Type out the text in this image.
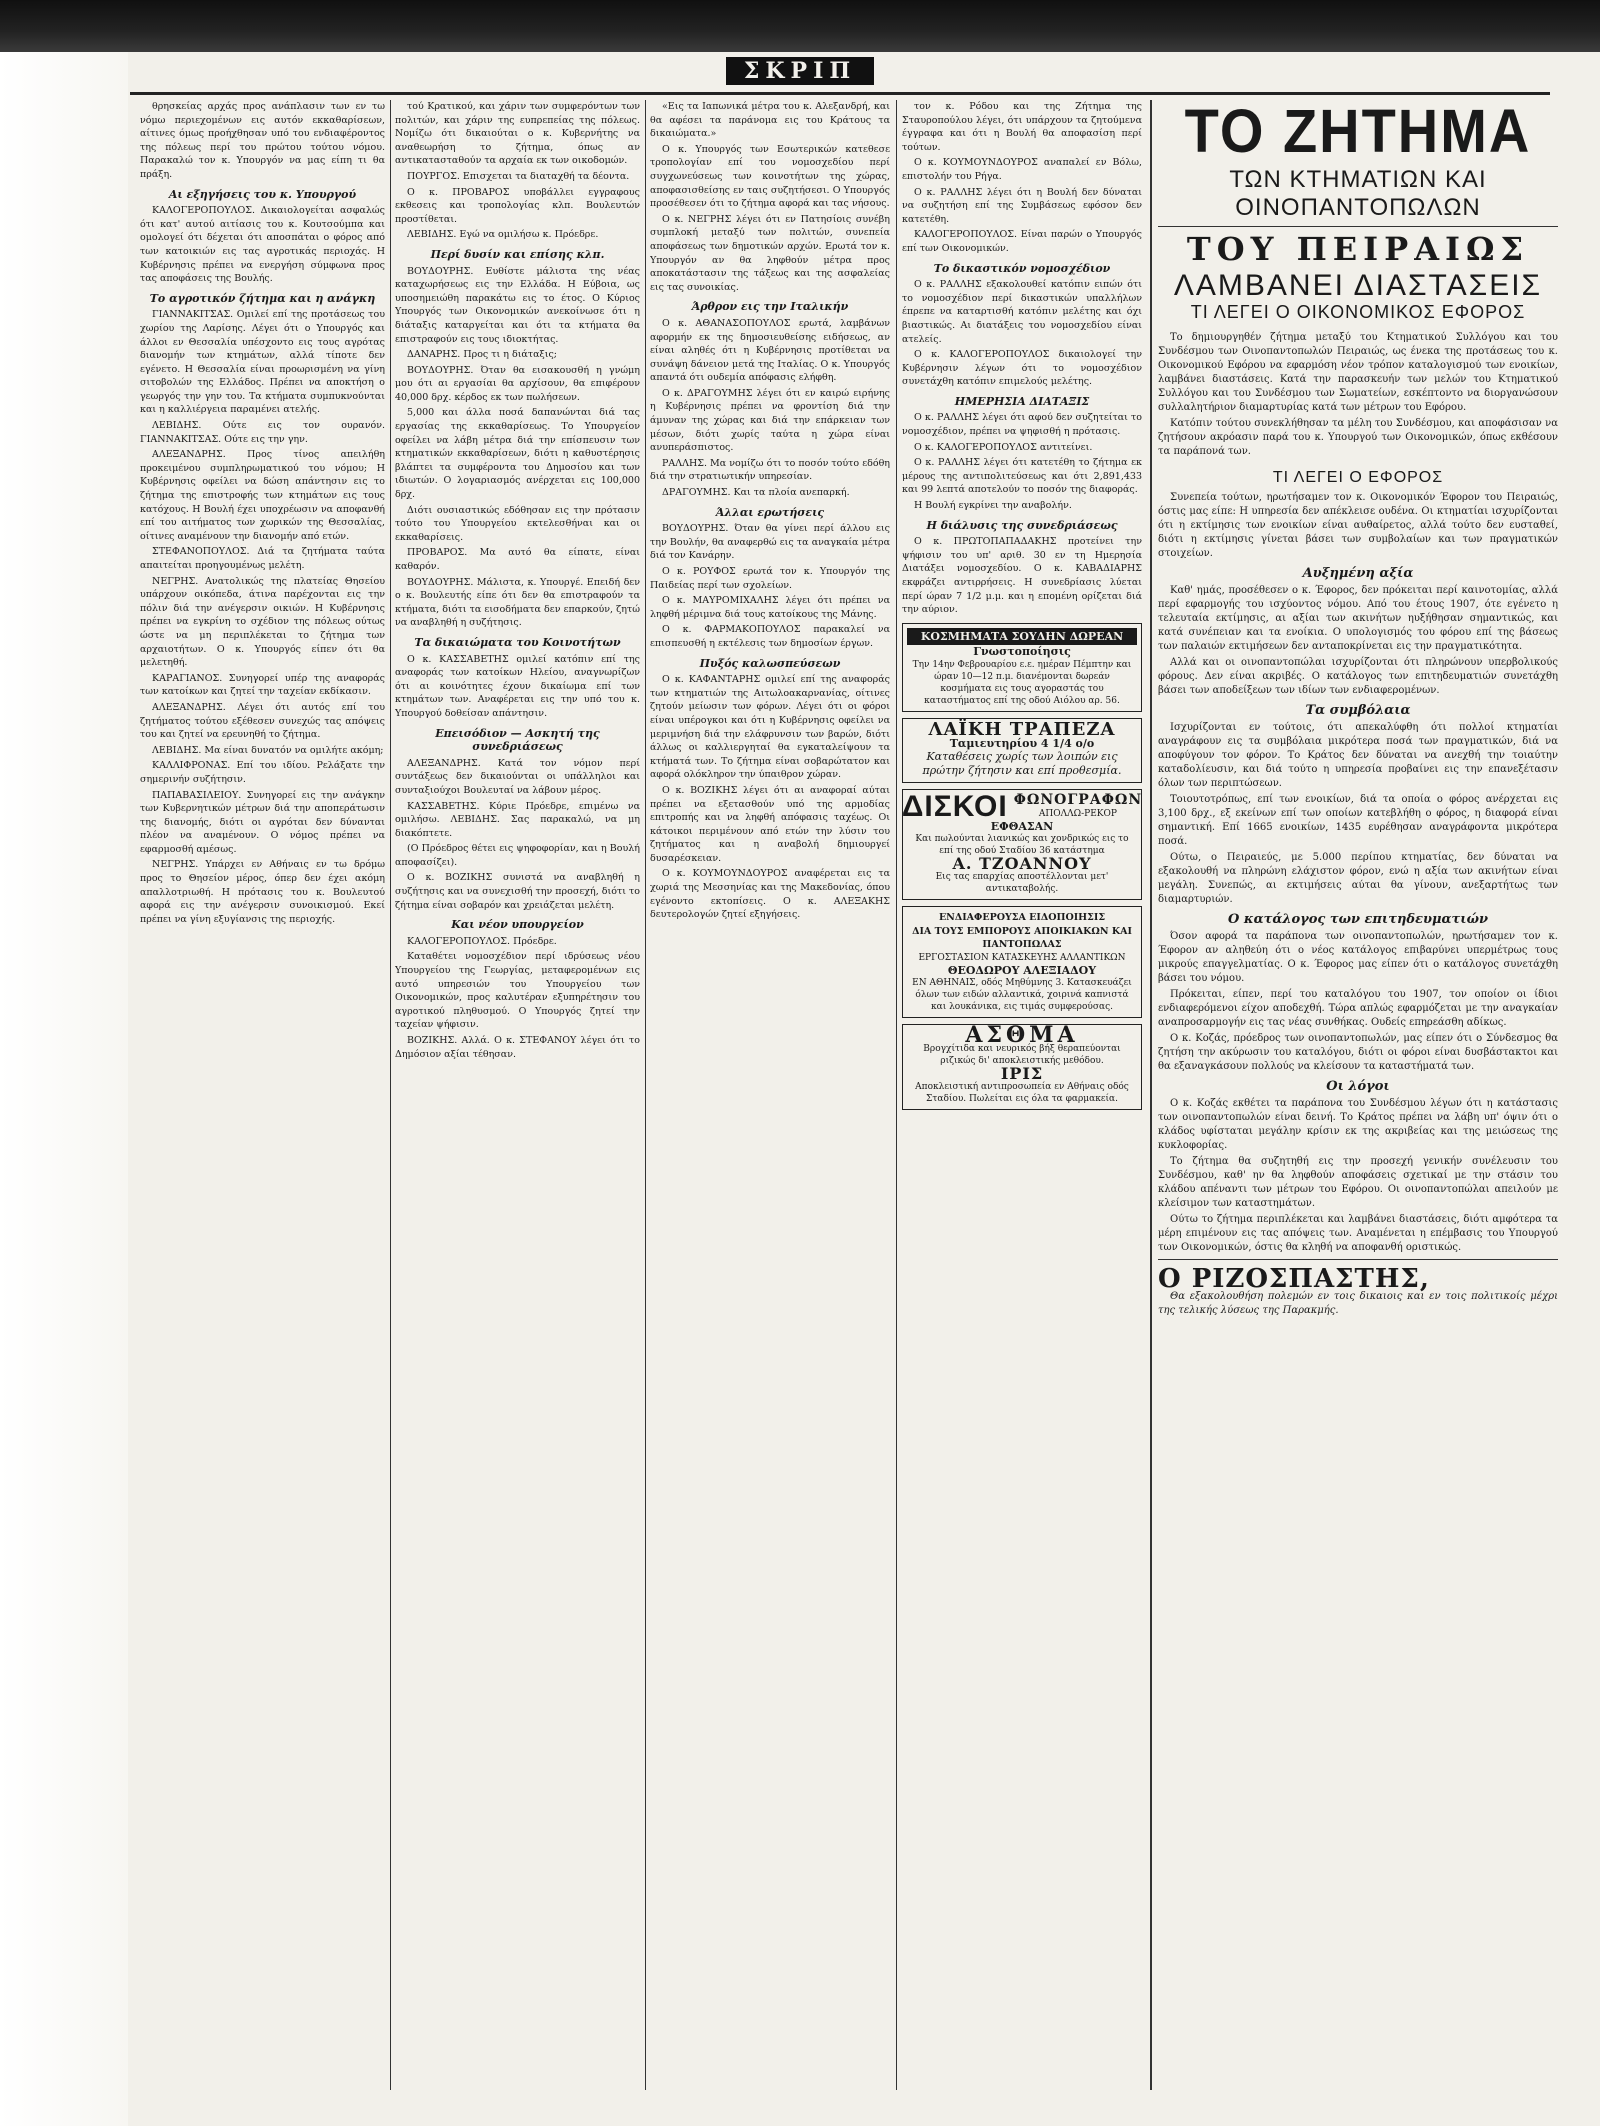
ΣΚΡΙΠ

θρησκείας αρχάς προς ανάπλασιν των εν τω νόμω περιεχομένων εις αυτόν εκκαθαρίσεων, αίτινες όμως προήχθησαν υπό του ενδιαφέροντος της πόλεως περί του πρώτου τούτου νόμου. Παρακαλώ τον κ. Υπουργόν να μας είπη τι θα πράξη.

Αι εξηγήσεις του κ. Υπουργού

ΚΑΛΟΓΕΡΟΠΟΥΛΟΣ. Δικαιολογείται ασφαλώς ότι κατ' αυτού αιτίασις του κ. Κουτσούμπα και ομολογεί ότι δέχεται ότι αποσπάται ο φόρος από των κατοικιών εις τας αγροτικάς περιοχάς. Η Κυβέρνησις πρέπει να ενεργήση σύμφωνα προς τας αποφάσεις της Βουλής.

Το αγροτικόν ζήτημα και η ανάγκη

ΓΙΑΝΝΑΚΙΤΣΑΣ. Ομιλεί επί της προτάσεως του χωρίου της Λαρίσης. Λέγει ότι ο Υπουργός και άλλοι εν Θεσσαλία υπέσχοντο εις τους αγρότας διανομήν των κτημάτων, αλλά τίποτε δεν εγένετο. Η Θεσσαλία είναι προωρισμένη να γίνη σιτοβολών της Ελλάδος. Πρέπει να αποκτήση ο γεωργός την γην του. Τα κτήματα συμπυκνούνται και η καλλιέργεια παραμένει ατελής.

ΛΕΒΙΔΗΣ. Ούτε εις τον ουρανόν. ΓΙΑΝΝΑΚΙΤΣΑΣ. Ούτε εις την γην.

ΑΛΕΞΑΝΔΡΗΣ. Προς τίνος απειλήθη προκειμένου συμπληρωματικού του νόμου; Η Κυβέρνησις οφείλει να δώση απάντησιν εις το ζήτημα της επιστροφής των κτημάτων εις τους κατόχους. Η Βουλή έχει υποχρέωσιν να αποφανθή επί του αιτήματος των χωρικών της Θεσσαλίας, οίτινες αναμένουν την διανομήν από ετών.

ΣΤΕΦΑΝΟΠΟΥΛΟΣ. Διά τα ζητήματα ταύτα απαιτείται προηγουμένως μελέτη.

ΝΕΓΡΗΣ. Ανατολικώς της πλατείας Θησείου υπάρχουν οικόπεδα, άτινα παρέχονται εις την πόλιν διά την ανέγερσιν οικιών. Η Κυβέρνησις πρέπει να εγκρίνη το σχέδιον της πόλεως ούτως ώστε να μη περιπλέκεται το ζήτημα των αρχαιοτήτων. Ο κ. Υπουργός είπεν ότι θα μελετηθή.

ΚΑΡΑΓΙΑΝΟΣ. Συνηγορεί υπέρ της αναφοράς των κατοίκων και ζητεί την ταχείαν εκδίκασιν.

ΑΛΕΞΑΝΔΡΗΣ. Λέγει ότι αυτός επί του ζητήματος τούτου εξέθεσεν συνεχώς τας απόψεις του και ζητεί να ερευνηθή το ζήτημα.

ΛΕΒΙΔΗΣ. Μα είναι δυνατόν να ομιλήτε ακόμη;

ΚΑΛΛΙΦΡΟΝΑΣ. Επί του ιδίου. Ρελάξατε την σημερινήν συζήτησιν.

ΠΑΠΑΒΑΣΙΛΕΙΟΥ. Συνηγορεί εις την ανάγκην των Κυβερνητικών μέτρων διά την αποπεράτωσιν της διανομής, διότι οι αγρόται δεν δύνανται πλέον να αναμένουν. Ο νόμος πρέπει να εφαρμοσθή αμέσως.

ΝΕΓΡΗΣ. Υπάρχει εν Αθήναις εν τω δρόμω προς το Θησείον μέρος, όπερ δεν έχει ακόμη απαλλοτριωθή. Η πρότασις του κ. Βουλευτού αφορά εις την ανέγερσιν συνοικισμού. Εκεί πρέπει να γίνη εξυγίανσις της περιοχής.

τού Κρατικού, και χάριν των συμφερόντων των πολιτών, και χάριν της ευπρεπείας της πόλεως. Νομίζω ότι δικαιούται ο κ. Κυβερνήτης να αναθεωρήση το ζήτημα, όπως αν αντικατασταθούν τα αρχαία εκ των οικοδομών.

ΠΟΥΡΓΟΣ. Επισχεται τα διαταχθή τα δέοντα.

Ο κ. ΠΡΟΒΑΡΟΣ υποβάλλει εγγραφους εκθεσεις και τροπολογίας κλπ. Βουλευτών προστίθεται.

ΛΕΒΙΔΗΣ. Εγώ να ομιλήσω κ. Πρόεδρε.

Περί δυσίν και επίσης κλπ.

ΒΟΥΔΟΥΡΗΣ. Ευθίστε μάλιστα της νέας καταχωρήσεως εις την Ελλάδα. Η Εύβοια, ως υποσημειώθη παρακάτω εις το έτος. Ο Κύριος Υπουργός των Οικονομικών ανεκοίνωσε ότι η διάταξις καταργείται και ότι τα κτήματα θα επιστραφούν εις τους ιδιοκτήτας.

ΔΑΝΑΡΗΣ. Προς τι η διάταξις;

ΒΟΥΔΟΥΡΗΣ. Όταν θα εισακουσθή η γνώμη μου ότι αι εργασίαι θα αρχίσουν, θα επιφέρουν 40,000 δρχ. κέρδος εκ των πωλήσεων.

5,000 και άλλα ποσά δαπανώνται διά τας εργασίας της εκκαθαρίσεως. Το Υπουργείον οφείλει να λάβη μέτρα διά την επίσπευσιν των κτηματικών εκκαθαρίσεων, διότι η καθυστέρησις βλάπτει τα συμφέροντα του Δημοσίου και των ιδιωτών. Ο λογαριασμός ανέρχεται εις 100,000 δρχ.

Διότι ουσιαστικώς εδόθησαν εις την πρότασιν τούτο του Υπουργείου εκτελεσθήναι και οι εκκαθαρίσεις.

ΠΡΟΒΑΡΟΣ. Μα αυτό θα είπατε, είναι καθαρόν.

ΒΟΥΔΟΥΡΗΣ. Μάλιστα, κ. Υπουργέ. Επειδή δεν ο κ. Βουλευτής είπε ότι δεν θα επιστραφούν τα κτήματα, διότι τα εισοδήματα δεν επαρκούν, ζητώ να αναβληθή η συζήτησις.

Τα δικαιώματα του Κοινοτήτων

Ο κ. ΚΑΣΣΑΒΕΤΗΣ ομιλεί κατόπιν επί της αναφοράς των κατοίκων Ηλείου, αναγνωρίζων ότι αι κοινότητες έχουν δικαίωμα επί των κτημάτων των. Αναφέρεται εις την υπό του κ. Υπουργού δοθείσαν απάντησιν.

Επεισόδιον — Ασκητή της συνεδριάσεως

ΑΛΕΞΑΝΔΡΗΣ. Κατά τον νόμον περί συντάξεως δεν δικαιούνται οι υπάλληλοι και συνταξιούχοι Βουλευταί να λάβουν μέρος.

ΚΑΣΣΑΒΕΤΗΣ. Κύριε Πρόεδρε, επιμένω να ομιλήσω. ΛΕΒΙΔΗΣ. Σας παρακαλώ, να μη διακόπτετε.

(Ο Πρόεδρος θέτει εις ψηφοφορίαν, και η Βουλή αποφασίζει).

Ο κ. ΒΟΖΙΚΗΣ συνιστά να αναβληθή η συζήτησις και να συνεχισθή την προσεχή, διότι το ζήτημα είναι σοβαρόν και χρειάζεται μελέτη.

Και νέον υπουργείον

ΚΑΛΟΓΕΡΟΠΟΥΛΟΣ. Πρόεδρε.

Καταθέτει νομοσχέδιον περί ιδρύσεως νέου Υπουργείου της Γεωργίας, μεταφερομένων εις αυτό υπηρεσιών του Υπουργείου των Οικονομικών, προς καλυτέραν εξυπηρέτησιν του αγροτικού πληθυσμού. Ο Υπουργός ζητεί την ταχείαν ψήφισιν.

ΒΟΖΙΚΗΣ. Αλλά. Ο κ. ΣΤΕΦΑΝΟΥ λέγει ότι το Δημόσιον αξίαι τέθησαν.

«Εις τα Ιαπωνικά μέτρα του κ. Αλεξανδρή, και θα αφέσει τα παράνομα εις του Κράτους τα δικαιώματα.»

Ο κ. Υπουργός των Εσωτερικών κατεθεσε τροπολογίαν επί του νομοσχεδίου περί συγχωνεύσεως των κοινοτήτων της χώρας, αποφασισθείσης εν ταις συζητήσεσι. Ο Υπουργός προσέθεσεν ότι το ζήτημα αφορά και τας νήσους.

Ο κ. ΝΕΓΡΗΣ λέγει ότι εν Πατησίοις συνέβη συμπλοκή μεταξύ των πολιτών, συνεπεία αποφάσεως των δημοτικών αρχών. Ερωτά τον κ. Υπουργόν αν θα ληφθούν μέτρα προς αποκατάστασιν της τάξεως και της ασφαλείας εις τας συνοικίας.

Άρθρον εις την Ιταλικήν

Ο κ. ΑΘΑΝΑΣΟΠΟΥΛΟΣ ερωτά, λαμβάνων αφορμήν εκ της δημοσιευθείσης ειδήσεως, αν είναι αληθές ότι η Κυβέρνησις προτίθεται να συνάψη δάνειον μετά της Ιταλίας. Ο κ. Υπουργός απαντά ότι ουδεμία απόφασις ελήφθη.

Ο κ. ΔΡΑΓΟΥΜΗΣ λέγει ότι εν καιρώ ειρήνης η Κυβέρνησις πρέπει να φροντίση διά την άμυναν της χώρας και διά την επάρκειαν των μέσων, διότι χωρίς ταύτα η χώρα είναι ανυπεράσπιστος.

ΡΑΛΛΗΣ. Μα νομίζω ότι το ποσόν τούτο εδόθη διά την στρατιωτικήν υπηρεσίαν.

ΔΡΑΓΟΥΜΗΣ. Και τα πλοία ανεπαρκή.

Άλλαι ερωτήσεις

ΒΟΥΔΟΥΡΗΣ. Όταν θα γίνει περί άλλου εις την Βουλήν, θα αναφερθώ εις τα αναγκαία μέτρα διά τον Κανάρην.

Ο κ. ΡΟΥΦΟΣ ερωτά τον κ. Υπουργόν της Παιδείας περί των σχολείων.

Ο κ. ΜΑΥΡΟΜΙΧΑΛΗΣ λέγει ότι πρέπει να ληφθή μέριμνα διά τους κατοίκους της Μάνης.

Ο κ. ΦΑΡΜΑΚΟΠΟΥΛΟΣ παρακαλεί να επισπευσθή η εκτέλεσις των δημοσίων έργων.

Πυξός καλωσπεύσεων

Ο κ. ΚΑΦΑΝΤΑΡΗΣ ομιλεί επί της αναφοράς των κτηματιών της Αιτωλοακαρνανίας, οίτινες ζητούν μείωσιν των φόρων. Λέγει ότι οι φόροι είναι υπέρογκοι και ότι η Κυβέρνησις οφείλει να μεριμνήση διά την ελάφρυνσιν των βαρών, διότι άλλως οι καλλιεργηταί θα εγκαταλείψουν τα κτήματά των. Το ζήτημα είναι σοβαρώτατον και αφορά ολόκληρον την ύπαιθρον χώραν.

Ο κ. ΒΟΖΙΚΗΣ λέγει ότι αι αναφοραί αύται πρέπει να εξετασθούν υπό της αρμοδίας επιτροπής και να ληφθή απόφασις ταχέως. Οι κάτοικοι περιμένουν από ετών την λύσιν του ζητήματος και η αναβολή δημιουργεί δυσαρέσκειαν.

Ο κ. ΚΟΥΜΟΥΝΔΟΥΡΟΣ αναφέρεται εις τα χωριά της Μεσσηνίας και της Μακεδονίας, όπου εγένοντο εκτοπίσεις. Ο κ. ΑΛΕΞΑΚΗΣ δευτερολογών ζητεί εξηγήσεις.

τον κ. Ρόδου και της Ζήτημα της Σταυροπούλου λέγει, ότι υπάρχουν τα ζητούμενα έγγραφα και ότι η Βουλή θα αποφασίση περί τούτων.

Ο κ. ΚΟΥΜΟΥΝΔΟΥΡΟΣ αναπαλεί εν Βόλω, επιστολήν του Ρήγα.

Ο κ. ΡΑΛΛΗΣ λέγει ότι η Βουλή δεν δύναται να συζητήση επί της Συμβάσεως εφόσον δεν κατετέθη.

ΚΑΛΟΓΕΡΟΠΟΥΛΟΣ. Είναι παρών ο Υπουργός επί των Οικονομικών.

Το δικαστικόν νομοσχέδιον

Ο κ. ΡΑΛΛΗΣ εξακολουθεί κατόπιν ειπών ότι το νομοσχέδιον περί δικαστικών υπαλλήλων έπρεπε να καταρτισθή κατόπιν μελέτης και όχι βιαστικώς. Αι διατάξεις του νομοσχεδίου είναι ατελείς.

Ο κ. ΚΑΛΟΓΕΡΟΠΟΥΛΟΣ δικαιολογεί την Κυβέρνησιν λέγων ότι το νομοσχέδιον συνετάχθη κατόπιν επιμελούς μελέτης.

ΗΜΕΡΗΣΙΑ ΔΙΑΤΑΞΙΣ

Ο κ. ΡΑΛΛΗΣ λέγει ότι αφού δεν συζητείται το νομοσχέδιον, πρέπει να ψηφισθή η πρότασις.

Ο κ. ΚΑΛΟΓΕΡΟΠΟΥΛΟΣ αντιτείνει.

Ο κ. ΡΑΛΛΗΣ λέγει ότι κατετέθη το ζήτημα εκ μέρους της αντιπολιτεύσεως και ότι 2,891,433 και 99 λεπτά αποτελούν το ποσόν της διαφοράς.

Η Βουλή εγκρίνει την αναβολήν.

Η διάλυσις της συνεδριάσεως

Ο κ. ΠΡΩΤΟΠΑΠΑΔΑΚΗΣ προτείνει την ψήφισιν του υπ' αριθ. 30 εν τη Ημερησία Διατάξει νομοσχεδίου. Ο κ. ΚΑΒΑΔΙΑΡΗΣ εκφράζει αντιρρήσεις. Η συνεδρίασις λύεται περί ώραν 7 1/2 μ.μ. και η επομένη ορίζεται διά την αύριον.

ΚΟΣΜΗΜΑΤΑ ΣΟΥΔΗΝ ΔΩΡΕΑΝ
Γνωστοποίησις
Την 14ην Φεβρουαρίου ε.ε. ημέραν Πέμπτην και ώραν 10—12 π.μ. διανέμονται δωρεάν κοσμήματα εις τους αγοραστάς του καταστήματος επί της οδού Αιόλου αρ. 56.
ΛΑΪΚΗ ΤΡΑΠΕΖΑ
Ταμιευτηρίου 4 1/4 ο/ο
Καταθέσεις χωρίς των λοιπών εις πρώτην ζήτησιν και επί προθεσμία.
ΔΙΣΚΟΙ ΦΩΝΟΓΡΑΦΩΝ
ΑΠΟΛΛΩ-ΡΕΚΟΡ
ΕΦΘΑΣΑΝ
Και πωλούνται λιανικώς και χονδρικώς εις το επί της οδού Σταδίου 36 κατάστημα
Α. ΤΖΟΑΝΝΟΥ
Εις τας επαρχίας αποστέλλονται μετ' αντικαταβολής.
ΕΝΔΙΑΦΕΡΟΥΣΑ ΕΙΔΟΠΟΙΗΣΙΣ
ΔΙΑ ΤΟΥΣ ΕΜΠΟΡΟΥΣ ΑΠΟΙΚΙΑΚΩΝ ΚΑΙ ΠΑΝΤΟΠΩΛΑΣ
ΕΡΓΟΣΤΑΣΙΟΝ ΚΑΤΑΣΚΕΥΗΣ ΑΛΛΑΝΤΙΚΩΝ
ΘΕΟΔΩΡΟΥ ΑΛΕΞΙΑΔΟΥ
ΕΝ ΑΘΗΝΑΙΣ, οδός Μηθύμνης 3. Κατασκευάζει όλων των ειδών αλλαντικά, χοιρινά καπνιστά και λουκάνικα, εις τιμάς συμφερούσας.
ΑΣΘΜΑ
Βρογχίτιδα και νευρικός βήξ θεραπεύονται ριζικώς δι' αποκλειστικής μεθόδου.
ΙΡΙΣ
Αποκλειστική αντιπροσωπεία εν Αθήναις οδός Σταδίου. Πωλείται εις όλα τα φαρμακεία.
ΤΟ ΖΗΤΗΜΑ
ΤΩΝ ΚΤΗΜΑΤΙΩΝ ΚΑΙ ΟΙΝΟΠΑΝΤΟΠΩΛΩΝ
ΤΟΥ ΠΕΙΡΑΙΩΣ
ΛΑΜΒΑΝΕΙ ΔΙΑΣΤΑΣΕΙΣ
ΤΙ ΛΕΓΕΙ Ο ΟΙΚΟΝΟΜΙΚΟΣ ΕΦΟΡΟΣ

Το δημιουργηθέν ζήτημα μεταξύ του Κτηματικού Συλλόγου και του Συνδέσμου των Οινοπαντοπωλών Πειραιώς, ως ένεκα της προτάσεως του κ. Οικονομικού Εφόρου να εφαρμόση νέον τρόπον καταλογισμού των ενοικίων, λαμβάνει διαστάσεις. Κατά την παρασκευήν των μελών του Κτηματικού Συλλόγου και του Συνδέσμου των Σωματείων, εσκέπτοντο να διοργανώσουν συλλαλητήριον διαμαρτυρίας κατά των μέτρων του Εφόρου.

Κατόπιν τούτου συνεκλήθησαν τα μέλη του Συνδέσμου, και αποφάσισαν να ζητήσουν ακρόασιν παρά του κ. Υπουργού των Οικονομικών, όπως εκθέσουν τα παράπονά των.

ΤΙ ΛΕΓΕΙ Ο ΕΦΟΡΟΣ

Συνεπεία τούτων, ηρωτήσαμεν τον κ. Οικονομικόν Έφορον του Πειραιώς, όστις μας είπε: Η υπηρεσία δεν απέκλεισε ουδένα. Οι κτηματίαι ισχυρίζονται ότι η εκτίμησις των ενοικίων είναι αυθαίρετος, αλλά τούτο δεν ευσταθεί, διότι η εκτίμησις γίνεται βάσει των συμβολαίων και των πραγματικών στοιχείων.

Αυξημένη αξία

Καθ' ημάς, προσέθεσεν ο κ. Έφορος, δεν πρόκειται περί καινοτομίας, αλλά περί εφαρμογής του ισχύοντος νόμου. Από του έτους 1907, ότε εγένετο η τελευταία εκτίμησις, αι αξίαι των ακινήτων ηυξήθησαν σημαντικώς, και κατά συνέπειαν και τα ενοίκια. Ο υπολογισμός του φόρου επί της βάσεως των παλαιών εκτιμήσεων δεν ανταποκρίνεται εις την πραγματικότητα.

Αλλά και οι οινοπαντοπώλαι ισχυρίζονται ότι πληρώνουν υπερβολικούς φόρους. Δεν είναι ακριβές. Ο κατάλογος των επιτηδευματιών συνετάχθη βάσει των αποδείξεων των ιδίων των ενδιαφερομένων.

Τα συμβόλαια

Ισχυρίζονται εν τούτοις, ότι απεκαλύφθη ότι πολλοί κτηματίαι αναγράφουν εις τα συμβόλαια μικρότερα ποσά των πραγματικών, διά να αποφύγουν τον φόρον. Το Κράτος δεν δύναται να ανεχθή την τοιαύτην καταδολίευσιν, και διά τούτο η υπηρεσία προβαίνει εις την επανεξέτασιν όλων των περιπτώσεων.

Τοιουτοτρόπως, επί των ενοικίων, διά τα οποία ο φόρος ανέρχεται εις 3,100 δρχ., εξ εκείνων επί των οποίων κατεβλήθη ο φόρος, η διαφορά είναι σημαντική. Επί 1665 ενοικίων, 1435 ευρέθησαν αναγράφοντα μικρότερα ποσά.

Ούτω, ο Πειραιεύς, με 5.000 περίπου κτηματίας, δεν δύναται να εξακολουθή να πληρώνη ελάχιστον φόρον, ενώ η αξία των ακινήτων είναι μεγάλη. Συνεπώς, αι εκτιμήσεις αύται θα γίνουν, ανεξαρτήτως των διαμαρτυριών.

Ο κατάλογος των επιτηδευματιών

Όσον αφορά τα παράπονα των οινοπαντοπωλών, ηρωτήσαμεν τον κ. Έφορον αν αληθεύη ότι ο νέος κατάλογος επιβαρύνει υπερμέτρως τους μικρούς επαγγελματίας. Ο κ. Έφορος μας είπεν ότι ο κατάλογος συνετάχθη βάσει του νόμου.

Πρόκειται, είπεν, περί του καταλόγου του 1907, τον οποίον οι ίδιοι ενδιαφερόμενοι είχον αποδεχθή. Τώρα απλώς εφαρμόζεται με την αναγκαίαν αναπροσαρμογήν εις τας νέας συνθήκας. Ουδείς επηρεάσθη αδίκως.

Ο κ. Κοζάς, πρόεδρος των οινοπαντοπωλών, μας είπεν ότι ο Σύνδεσμος θα ζητήση την ακύρωσιν του καταλόγου, διότι οι φόροι είναι δυσβάστακτοι και θα εξαναγκάσουν πολλούς να κλείσουν τα καταστήματά των.

Οι λόγοι

Ο κ. Κοζάς εκθέτει τα παράπονα του Συνδέσμου λέγων ότι η κατάστασις των οινοπαντοπωλών είναι δεινή. Το Κράτος πρέπει να λάβη υπ' όψιν ότι ο κλάδος υφίσταται μεγάλην κρίσιν εκ της ακριβείας και της μειώσεως της κυκλοφορίας.

Το ζήτημα θα συζητηθή εις την προσεχή γενικήν συνέλευσιν του Συνδέσμου, καθ' ην θα ληφθούν αποφάσεις σχετικαί με την στάσιν του κλάδου απέναντι των μέτρων του Εφόρου. Οι οινοπαντοπώλαι απειλούν με κλείσιμον των καταστημάτων.

Ούτω το ζήτημα περιπλέκεται και λαμβάνει διαστάσεις, διότι αμφότερα τα μέρη επιμένουν εις τας απόψεις των. Αναμένεται η επέμβασις του Υπουργού των Οικονομικών, όστις θα κληθή να αποφανθή οριστικώς.

Ο ΡΙΖΟΣΠΑΣΤΗΣ,

Θα εξακολουθήση πολεμών εν τοις δικαιοις και εν τοις πολιτικοίς μέχρι της τελικής λύσεως της Παρακμής.
